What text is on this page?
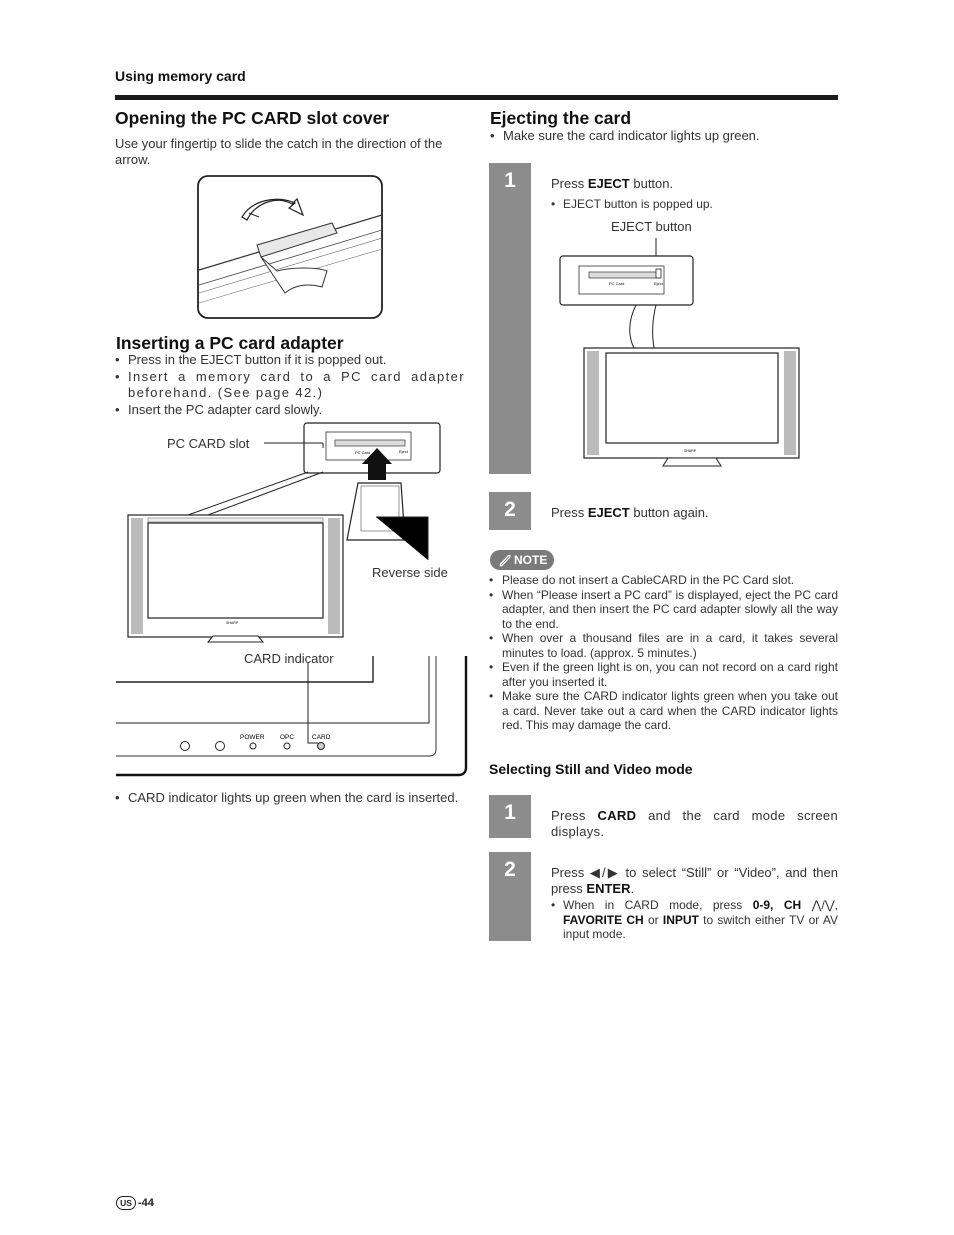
Using memory card
Opening the PC CARD slot cover
Use your fingertip to slide the catch in the direction of the arrow.
Inserting a PC card adapter
• Press in the EJECT button if it is popped out.
• Insert a memory card to a PC card adapter beforehand. (See page 42.)
• Insert the PC adapter card slowly.
PC Card	Eject
SHARP
POWER OPC	CARD
PC CARD slot
Reverse side
CARD indicator
• CARD indicator lights up green when the card is inserted.
Ejecting the card
• Make sure the card indicator lights up green.
1	Press EJECT button.
• EJECT button is popped up.
EJECT button
PC Card	Eject
SHARP
2	Press EJECT button again.
NOTE
• Please do not insert a CableCARD in the PC Card slot.
• When “Please insert a PC card” is displayed, eject the PC card adapter, and then insert the PC card adapter slowly all the way to the end.
• When over a thousand files are in a card, it takes several minutes to load. (approx. 5 minutes.)
• Even if the green light is on, you can not record on a card right after you inserted it.
• Make sure the CARD indicator lights green when you take out a card. Never take out a card when the CARD indicator lights red. This may damage the card.
Selecting Still and Video mode
1	Press CARD and the card mode screen displays.
2	Press ◀/▶ to select “Still” or “Video”, and then press ENTER.
• When in CARD mode, press 0-9, CH ⋀/⋁, FAVORITE CH or INPUT to switch either TV or AV input mode.
US -44
